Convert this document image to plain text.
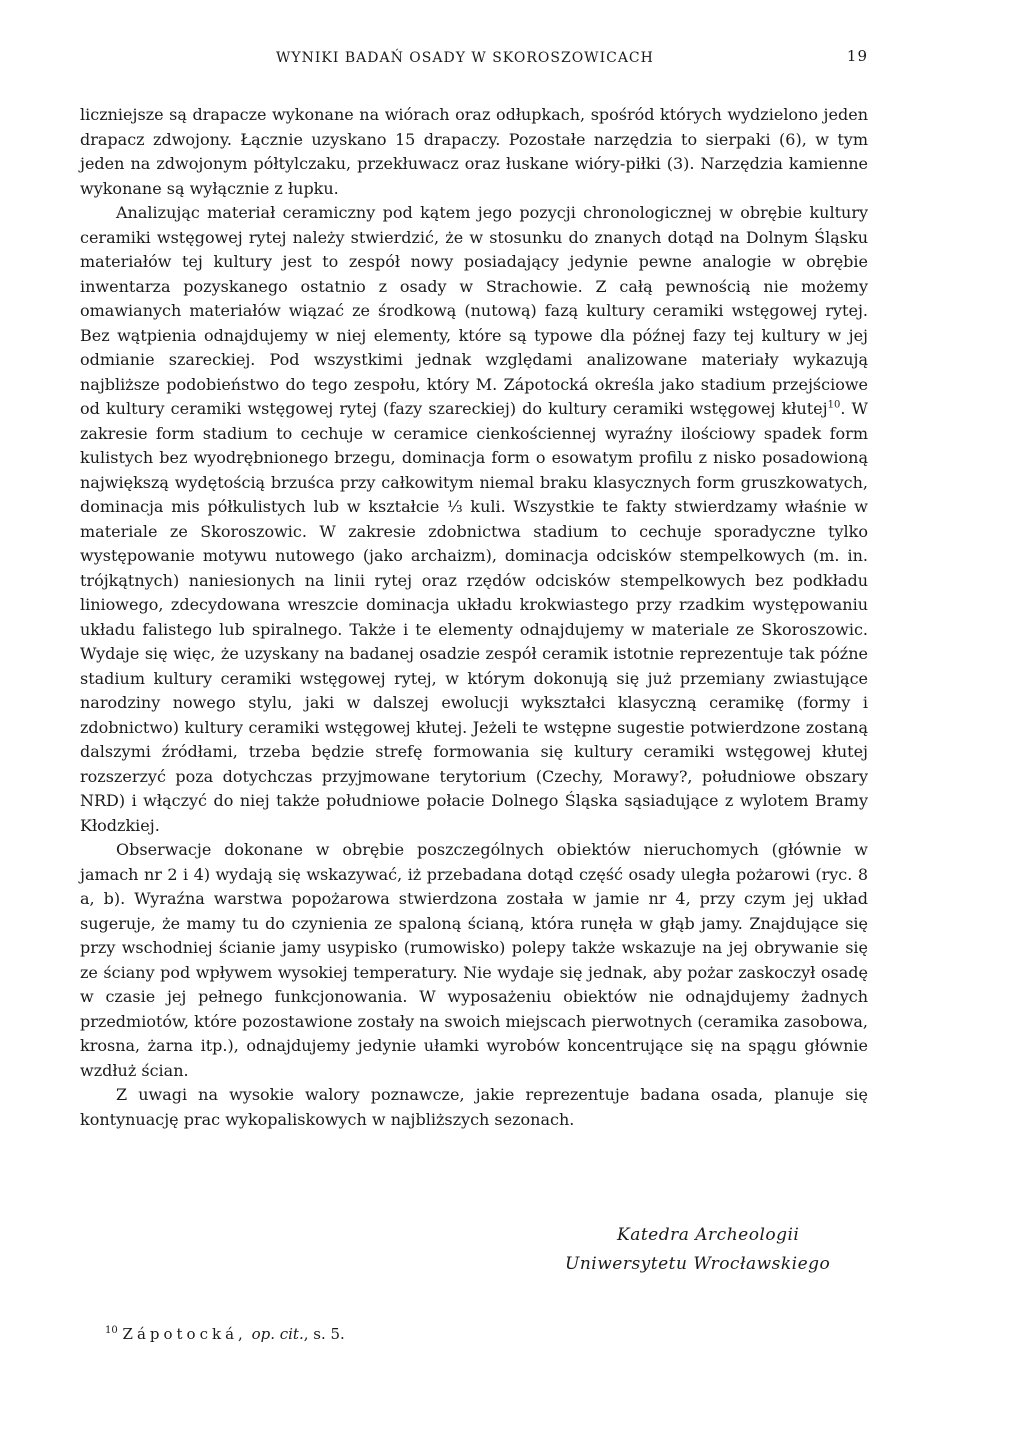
WYNIKI BADAŃ OSADY W SKOROSZOWICACH	19

liczniejsze są drapacze wykonane na wiórach oraz odłupkach, spośród których wydzielono jeden drapacz zdwojony. Łącznie uzyskano 15 drapaczy. Pozostałe narzędzia to sierpaki (6), w tym jeden na zdwojonym półtylczaku, przekłuwacz oraz łuskane wióry-piłki (3). Narzędzia kamienne wykonane są wyłącznie z łupku.

Analizując materiał ceramiczny pod kątem jego pozycji chronologicznej w obrębie kultury ceramiki wstęgowej rytej należy stwierdzić, że w stosunku do znanych dotąd na Dolnym Śląsku materiałów tej kultury jest to zespół nowy posiadający jedynie pewne analogie w obrębie inwentarza pozyskanego ostatnio z osady w Strachowie. Z całą pewnością nie możemy omawianych materiałów wiązać ze środkową (nutową) fazą kultury ceramiki wstęgowej rytej. Bez wątpienia odnajdujemy w niej elementy, które są typowe dla późnej fazy tej kultury w jej odmianie szareckiej. Pod wszystkimi jednak względami analizowane materiały wykazują najbliższe podobieństwo do tego zespołu, który M. Zápotocká określa jako stadium przejściowe od kultury ceramiki wstęgowej rytej (fazy szareckiej) do kultury ceramiki wstęgowej kłutej$^{10}$. W zakresie form stadium to cechuje w ceramice cienkościennej wyraźny ilościowy spadek form kulistych bez wyodrębnionego brzegu, dominacja form o esowatym profilu z nisko posadowioną największą wydętością brzuśca przy całkowitym niemal braku klasycznych form gruszkowatych, dominacja mis półkulistych lub w kształcie ⅓ kuli. Wszystkie te fakty stwierdzamy właśnie w materiale ze Skoroszowic. W zakresie zdobnictwa stadium to cechuje sporadyczne tylko występowanie motywu nutowego (jako archaizm), dominacja odcisków stempelkowych (m. in. trójkątnych) naniesionych na linii rytej oraz rzędów odcisków stempelkowych bez podkładu liniowego, zdecydowana wreszcie dominacja układu krokwiastego przy rzadkim występowaniu układu falistego lub spiralnego. Także i te elementy odnajdujemy w materiale ze Skoroszowic. Wydaje się więc, że uzyskany na badanej osadzie zespół ceramik istotnie reprezentuje tak późne stadium kultury ceramiki wstęgowej rytej, w którym dokonują się już przemiany zwiastujące narodziny nowego stylu, jaki w dalszej ewolucji wykształci klasyczną ceramikę (formy i zdobnictwo) kultury ceramiki wstęgowej kłutej. Jeżeli te wstępne sugestie potwierdzone zostaną dalszymi źródłami, trzeba będzie strefę formowania się kultury ceramiki wstęgowej kłutej rozszerzyć poza dotychczas przyjmowane terytorium (Czechy, Morawy?, południowe obszary NRD) i włączyć do niej także południowe połacie Dolnego Śląska sąsiadujące z wylotem Bramy Kłodzkiej.

Obserwacje dokonane w obrębie poszczególnych obiektów nieruchomych (głównie w jamach nr 2 i 4) wydają się wskazywać, iż przebadana dotąd część osady uległa pożarowi (ryc. 8 a, b). Wyraźna warstwa popożarowa stwierdzona została w jamie nr 4, przy czym jej układ sugeruje, że mamy tu do czynienia ze spaloną ścianą, która runęła w głąb jamy. Znajdujące się przy wschodniej ścianie jamy usypisko (rumowisko) polepy także wskazuje na jej obrywanie się ze ściany pod wpływem wysokiej temperatury. Nie wydaje się jednak, aby pożar zaskoczył osadę w czasie jej pełnego funkcjonowania. W wyposażeniu obiektów nie odnajdujemy żadnych przedmiotów, które pozostawione zostały na swoich miejscach pierwotnych (ceramika zasobowa, krosna, żarna itp.), odnajdujemy jedynie ułamki wyrobów koncentrujące się na spągu głównie wzdłuż ścian.

Z uwagi na wysokie walory poznawcze, jakie reprezentuje badana osada, planuje się kontynuację prac wykopaliskowych w najbliższych sezonach.

Katedra Archeologii
Uniwersytetu Wrocławskiego
$^{10}$ Zápotocká, op. cit., s. 5.
